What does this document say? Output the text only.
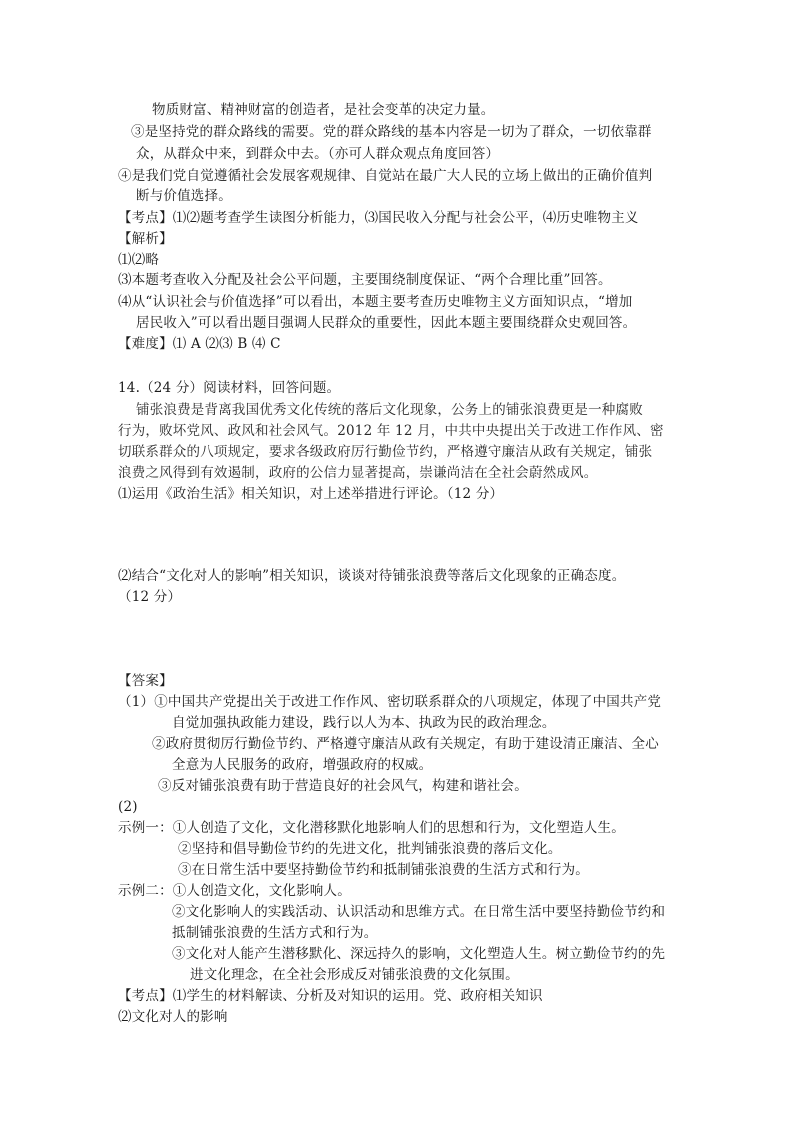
物质财富、精神财富的创造者，是社会变革的决定力量。
③是坚持党的群众路线的需要。党的群众路线的基本内容是一切为了群众，一切依靠群
众，从群众中来，到群众中去。（亦可人群众观点角度回答）
④是我们党自觉遵循社会发展客观规律、自觉站在最广大人民的立场上做出的正确价值判
断与价值选择。
【考点】⑴⑵题考查学生读图分析能力，⑶国民收入分配与社会公平，⑷历史唯物主义
【解析】
⑴⑵略
⑶本题考查收入分配及社会公平问题，主要围绕制度保证、“两个合理比重”回答。
⑷从“认识社会与价值选择”可以看出，本题主要考查历史唯物主义方面知识点，“增加
居民收入”可以看出题目强调人民群众的重要性，因此本题主要围绕群众史观回答。
【难度】⑴ A ⑵⑶ B ⑷ C
14.（24 分）阅读材料，回答问题。
铺张浪费是背离我国优秀文化传统的落后文化现象，公务上的铺张浪费更是一种腐败
行为，败坏党风、政风和社会风气。2012 年 12 月，中共中央提出关于改进工作作风、密
切联系群众的八项规定，要求各级政府厉行勤俭节约，严格遵守廉洁从政有关规定，铺张
浪费之风得到有效遏制，政府的公信力显著提高，崇谦尚洁在全社会蔚然成风。
⑴运用《政治生活》相关知识，对上述举措进行评论。（12 分）
⑵结合“文化对人的影响”相关知识，谈谈对待铺张浪费等落后文化现象的正确态度。
（12 分）
【答案】
（1）①中国共产党提出关于改进工作作风、密切联系群众的八项规定，体现了中国共产党
自觉加强执政能力建设，践行以人为本、执政为民的政治理念。
②政府贯彻厉行勤俭节约、严格遵守廉洁从政有关规定，有助于建设清正廉洁、全心
全意为人民服务的政府，增强政府的权威。
③反对铺张浪费有助于营造良好的社会风气，构建和谐社会。
(2)
示例一：①人创造了文化，文化潜移默化地影响人们的思想和行为，文化塑造人生。
②坚持和倡导勤俭节约的先进文化，批判铺张浪费的落后文化。
③在日常生活中要坚持勤俭节约和抵制铺张浪费的生活方式和行为。
示例二：①人创造文化，文化影响人。
②文化影响人的实践活动、认识活动和思维方式。在日常生活中要坚持勤俭节约和
抵制铺张浪费的生活方式和行为。
③文化对人能产生潜移默化、深远持久的影响，文化塑造人生。树立勤俭节约的先
进文化理念，在全社会形成反对铺张浪费的文化氛围。
【考点】⑴学生的材料解读、分析及对知识的运用。党、政府相关知识
⑵文化对人的影响
